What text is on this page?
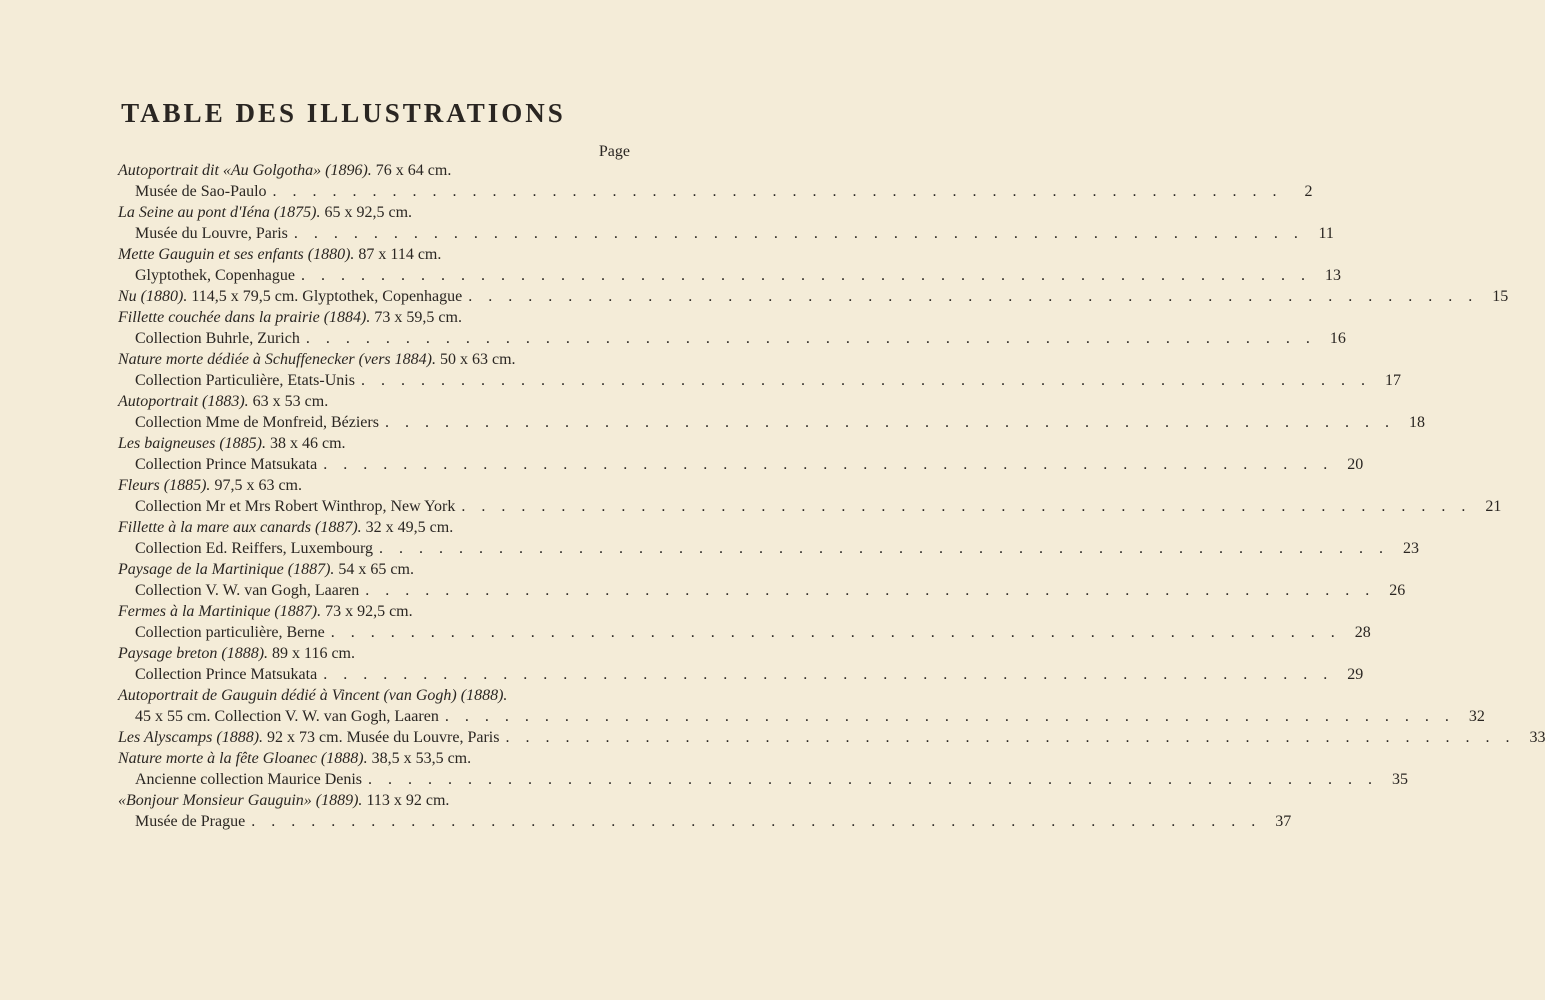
TABLE DES ILLUSTRATIONS
Page
Autoportrait dit «Au Golgotha» (1896). 76 x 64 cm.
Musée de Sao-Paulo . . . . . . . . . . . . . . . . . . . . . . . . . . . . . . . . . . . . . . . . . . . . . . . . . . .	2
La Seine au pont d'Iéna (1875). 65 x 92,5 cm.
Musée du Louvre, Paris . . . . . . . . . . . . . . . . . . . . . . . . . . . . . . . . . . . . . . . . . . . . . . . . . . . 11
Mette Gauguin et ses enfants (1880). 87 x 114 cm.
Glyptothek, Copenhague . . . . . . . . . . . . . . . . . . . . . . . . . . . . . . . . . . . . . . . . . . . . . . . . . . . 13
Nu (1880). 114,5 x 79,5 cm. Glyptothek, Copenhague . . . . . . . . . . . . . . . . . . . . . . . . . . . . . . . . . . . . . . . . . . . . . . . . . . . 15
Fillette couchée dans la prairie (1884). 73 x 59,5 cm.
Collection Buhrle, Zurich . . . . . . . . . . . . . . . . . . . . . . . . . . . . . . . . . . . . . . . . . . . . . . . . . . . 16
Nature morte dédiée à Schuffenecker (vers 1884). 50 x 63 cm.
Collection Particulière, Etats-Unis . . . . . . . . . . . . . . . . . . . . . . . . . . . . . . . . . . . . . . . . . . . . . . . . . . . 17
Autoportrait (1883). 63 x 53 cm.
Collection Mme de Monfreid, Béziers . . . . . . . . . . . . . . . . . . . . . . . . . . . . . . . . . . . . . . . . . . . . . . . . . . . 18
Les baigneuses (1885). 38 x 46 cm.
Collection Prince Matsukata . . . . . . . . . . . . . . . . . . . . . . . . . . . . . . . . . . . . . . . . . . . . . . . . . . . 20
Fleurs (1885). 97,5 x 63 cm.
Collection Mr et Mrs Robert Winthrop, New York . . . . . . . . . . . . . . . . . . . . . . . . . . . . . . . . . . . . . . . . . . . . . . . . . . . 21
Fillette à la mare aux canards (1887). 32 x 49,5 cm.
Collection Ed. Reiffers, Luxembourg . . . . . . . . . . . . . . . . . . . . . . . . . . . . . . . . . . . . . . . . . . . . . . . . . . . 23
Paysage de la Martinique (1887). 54 x 65 cm.
Collection V. W. van Gogh, Laaren . . . . . . . . . . . . . . . . . . . . . . . . . . . . . . . . . . . . . . . . . . . . . . . . . . . 26
Fermes à la Martinique (1887). 73 x 92,5 cm.
Collection particulière, Berne . . . . . . . . . . . . . . . . . . . . . . . . . . . . . . . . . . . . . . . . . . . . . . . . . . . 28
Paysage breton (1888). 89 x 116 cm.
Collection Prince Matsukata . . . . . . . . . . . . . . . . . . . . . . . . . . . . . . . . . . . . . . . . . . . . . . . . . . . 29
Autoportrait de Gauguin dédié à Vincent (van Gogh) (1888).
45 x 55 cm. Collection V. W. van Gogh, Laaren . . . . . . . . . . . . . . . . . . . . . . . . . . . . . . . . . . . . . . . . . . . . . . . . . . . 32
Les Alyscamps (1888). 92 x 73 cm. Musée du Louvre, Paris . . . . . . . . . . . . . . . . . . . . . . . . . . . . . . . . . . . . . . . . . . . . . . . . . . . 33
Nature morte à la fête Gloanec (1888). 38,5 x 53,5 cm.
Ancienne collection Maurice Denis . . . . . . . . . . . . . . . . . . . . . . . . . . . . . . . . . . . . . . . . . . . . . . . . . . . 35
«Bonjour Monsieur Gauguin» (1889). 113 x 92 cm.
Musée de Prague . . . . . . . . . . . . . . . . . . . . . . . . . . . . . . . . . . . . . . . . . . . . . . . . . . . 37
